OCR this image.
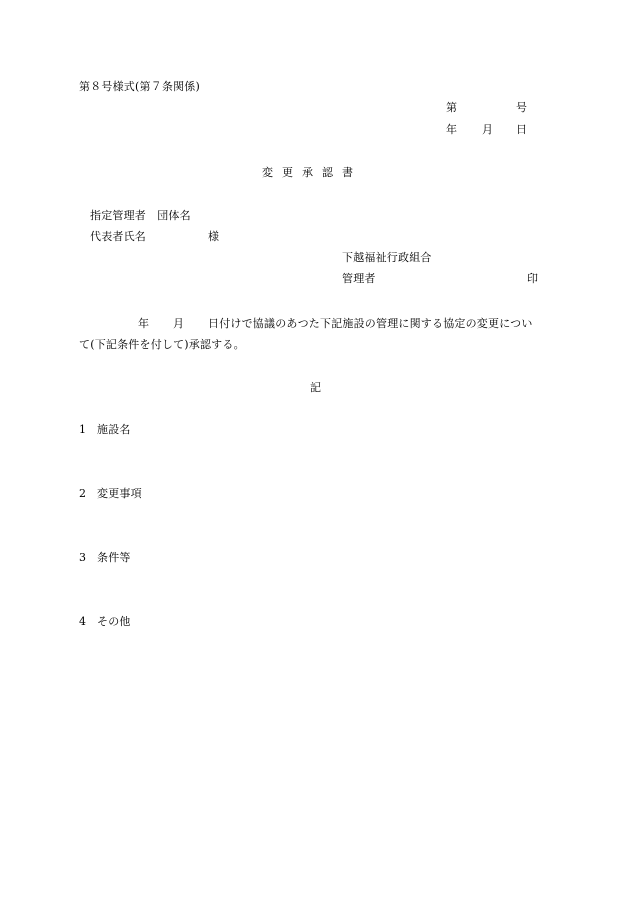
第８号様式(第７条関係)
第	号
年 月 日
変更承認書
指定管理者　団体名
代表者氏名	様
下越福祉行政組合
管理者	印
年 月 日付けで協議のあつた下記施設の管理に関する協定の変更につい
て(下記条件を付して)承認する。
記
1 施設名
2 変更事項
3 条件等
4 その他
